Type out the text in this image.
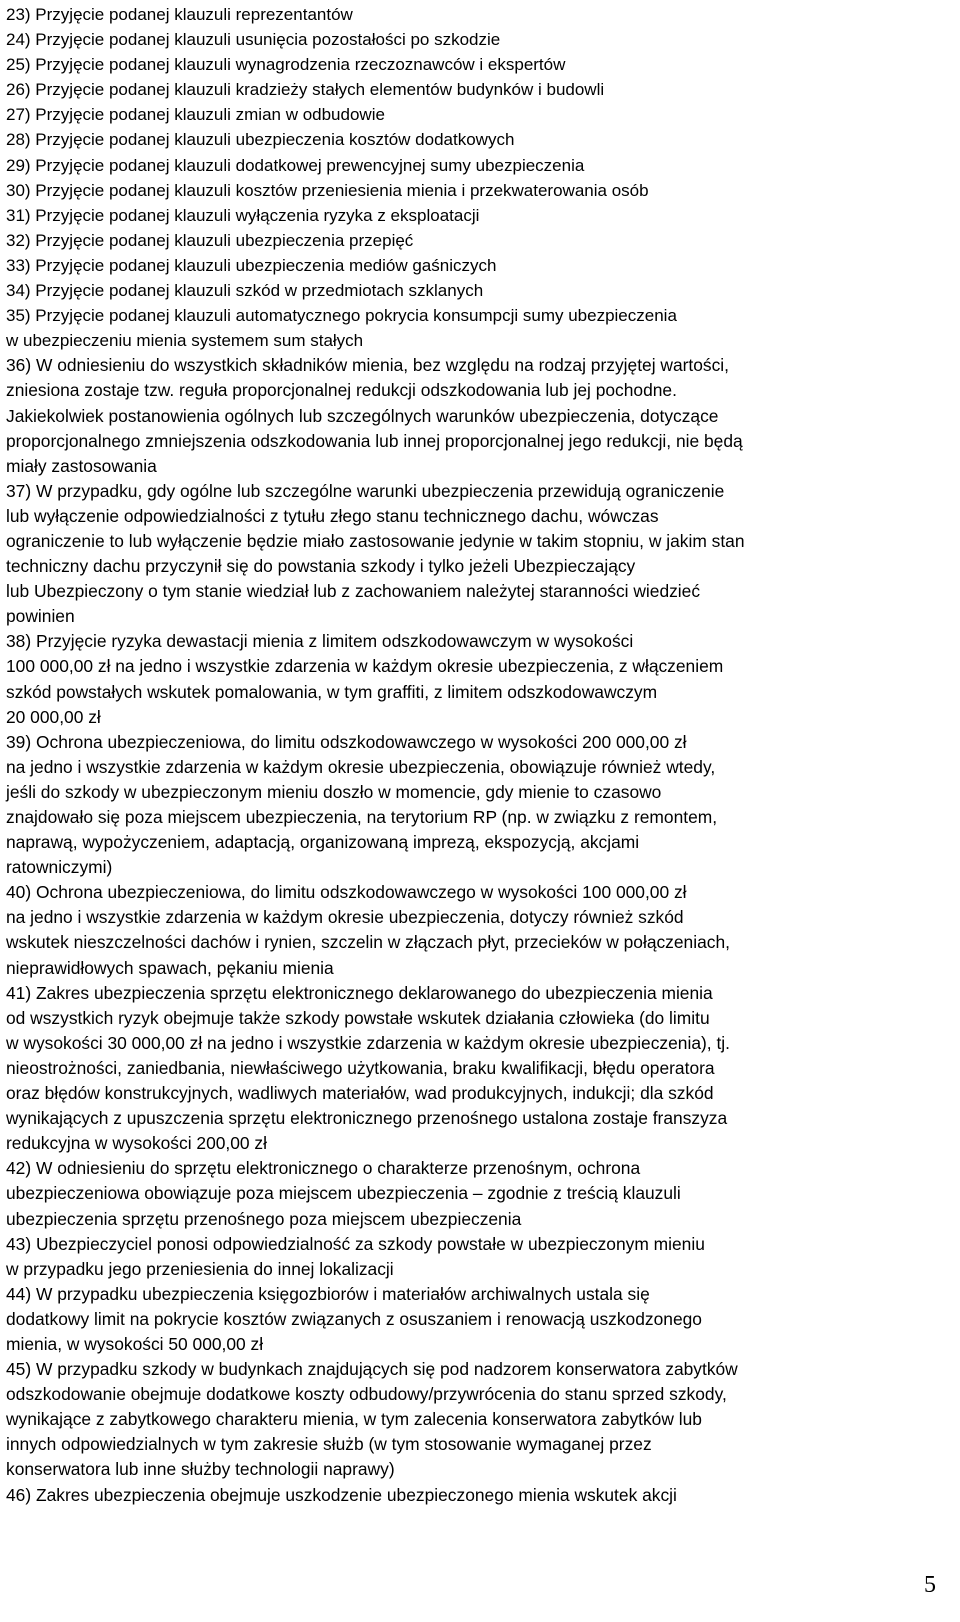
23) Przyjęcie podanej klauzuli reprezentantów

24) Przyjęcie podanej klauzuli usunięcia pozostałości po szkodzie

25) Przyjęcie podanej klauzuli wynagrodzenia rzeczoznawców i ekspertów

26) Przyjęcie podanej klauzuli kradzieży stałych elementów budynków i budowli

27) Przyjęcie podanej klauzuli zmian w odbudowie

28) Przyjęcie podanej klauzuli ubezpieczenia kosztów dodatkowych

29) Przyjęcie podanej klauzuli dodatkowej prewencyjnej sumy ubezpieczenia

30) Przyjęcie podanej klauzuli kosztów przeniesienia mienia i przekwaterowania osób

31) Przyjęcie podanej klauzuli wyłączenia ryzyka z eksploatacji

32) Przyjęcie podanej klauzuli ubezpieczenia przepięć

33) Przyjęcie podanej klauzuli ubezpieczenia mediów gaśniczych

34) Przyjęcie podanej klauzuli szkód w przedmiotach szklanych

35) Przyjęcie podanej klauzuli automatycznego pokrycia konsumpcji sumy ubezpieczenia
w ubezpieczeniu mienia systemem sum stałych

36) W odniesieniu do wszystkich składników mienia, bez względu na rodzaj przyjętej wartości,
zniesiona zostaje tzw. reguła proporcjonalnej redukcji odszkodowania lub jej pochodne.
Jakiekolwiek postanowienia ogólnych lub szczególnych warunków ubezpieczenia, dotyczące
proporcjonalnego zmniejszenia odszkodowania lub innej proporcjonalnej jego redukcji, nie będą
miały zastosowania

37) W przypadku, gdy ogólne lub szczególne warunki ubezpieczenia przewidują ograniczenie
lub wyłączenie odpowiedzialności z tytułu złego stanu technicznego dachu, wówczas
ograniczenie to lub wyłączenie będzie miało zastosowanie jedynie w takim stopniu, w jakim stan
techniczny dachu przyczynił się do powstania szkody i tylko jeżeli Ubezpieczający
lub Ubezpieczony o tym stanie wiedział lub z zachowaniem należytej staranności wiedzieć
powinien

38) Przyjęcie ryzyka dewastacji mienia z limitem odszkodowawczym w wysokości
100 000,00 zł na jedno i wszystkie zdarzenia w każdym okresie ubezpieczenia, z włączeniem
szkód powstałych wskutek pomalowania, w tym graffiti, z limitem odszkodowawczym
20 000,00 zł

39) Ochrona ubezpieczeniowa, do limitu odszkodowawczego w wysokości 200 000,00 zł
na jedno i wszystkie zdarzenia w każdym okresie ubezpieczenia, obowiązuje również wtedy,
jeśli do szkody w ubezpieczonym mieniu doszło w momencie, gdy mienie to czasowo
znajdowało się poza miejscem ubezpieczenia, na terytorium RP (np. w związku z remontem,
naprawą, wypożyczeniem, adaptacją, organizowaną imprezą, ekspozycją, akcjami
ratowniczymi)

40) Ochrona ubezpieczeniowa, do limitu odszkodowawczego w wysokości 100 000,00 zł
na jedno i wszystkie zdarzenia w każdym okresie ubezpieczenia, dotyczy również szkód
wskutek nieszczelności dachów i rynien, szczelin w złączach płyt, przecieków w połączeniach,
nieprawidłowych spawach, pękaniu mienia

41) Zakres ubezpieczenia sprzętu elektronicznego deklarowanego do ubezpieczenia mienia
od wszystkich ryzyk obejmuje także szkody powstałe wskutek działania człowieka (do limitu
w wysokości 30 000,00 zł na jedno i wszystkie zdarzenia w każdym okresie ubezpieczenia), tj.
nieostrożności, zaniedbania, niewłaściwego użytkowania, braku kwalifikacji, błędu operatora
oraz błędów konstrukcyjnych, wadliwych materiałów, wad produkcyjnych, indukcji; dla szkód
wynikających z upuszczenia sprzętu elektronicznego przenośnego ustalona zostaje franszyza
redukcyjna w wysokości 200,00 zł

42) W odniesieniu do sprzętu elektronicznego o charakterze przenośnym, ochrona
ubezpieczeniowa obowiązuje poza miejscem ubezpieczenia – zgodnie z treścią klauzuli
ubezpieczenia sprzętu przenośnego poza miejscem ubezpieczenia

43) Ubezpieczyciel ponosi odpowiedzialność za szkody powstałe w ubezpieczonym mieniu
w przypadku jego przeniesienia do innej lokalizacji

44) W przypadku ubezpieczenia księgozbiorów i materiałów archiwalnych ustala się
dodatkowy limit na pokrycie kosztów związanych z osuszaniem i renowacją uszkodzonego
mienia, w wysokości 50 000,00 zł

45) W przypadku szkody w budynkach znajdujących się pod nadzorem konserwatora zabytków
odszkodowanie obejmuje dodatkowe koszty odbudowy/przywrócenia do stanu sprzed szkody,
wynikające z zabytkowego charakteru mienia, w tym zalecenia konserwatora zabytków lub
innych odpowiedzialnych w tym zakresie służb (w tym stosowanie wymaganej przez
konserwatora lub inne służby technologii naprawy)

46) Zakres ubezpieczenia obejmuje uszkodzenie ubezpieczonego mienia wskutek akcji

5
